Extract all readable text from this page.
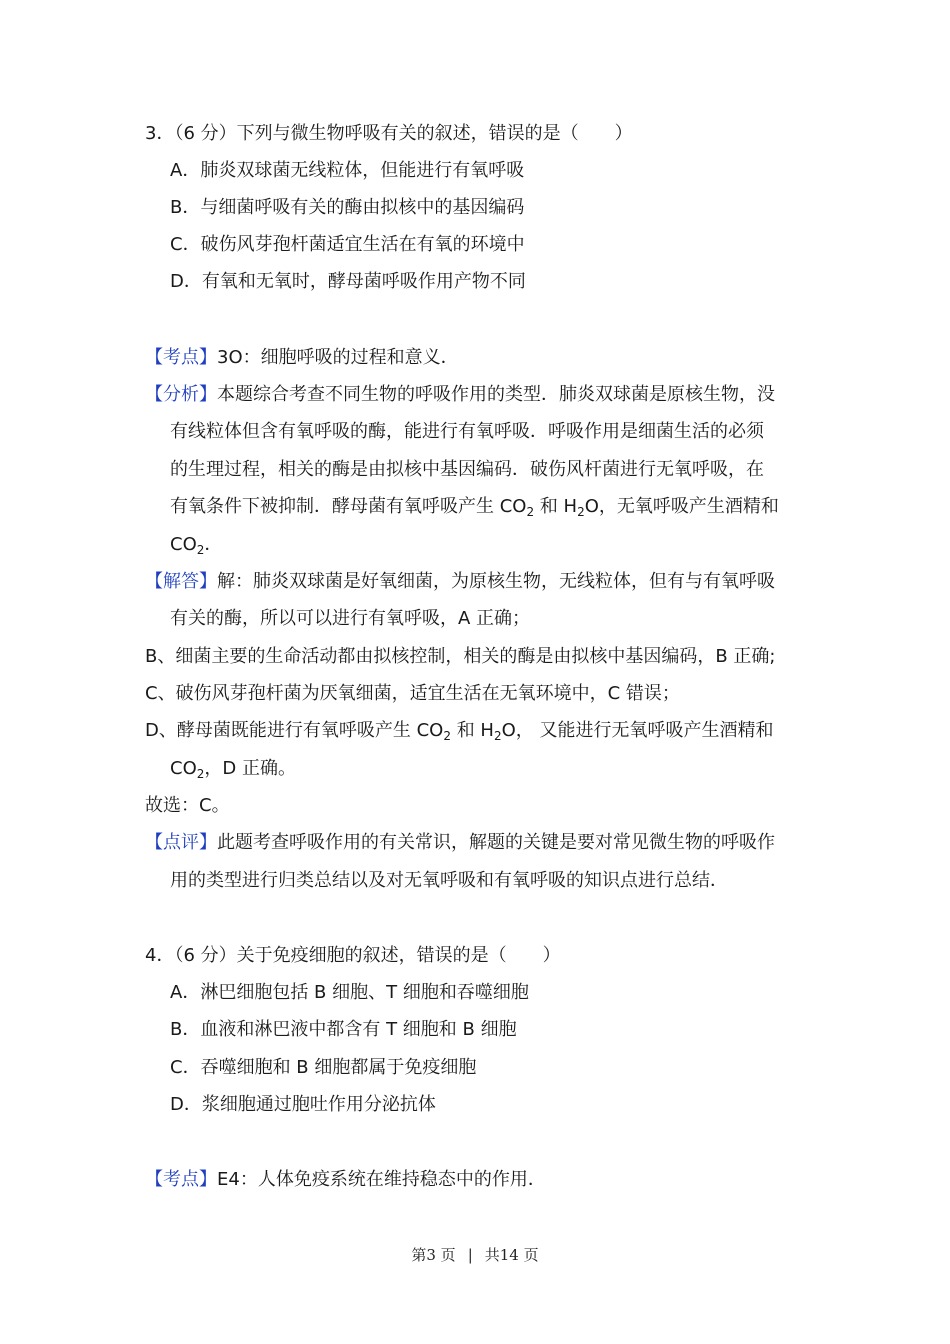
3．（6 分）下列与微生物呼吸有关的叙述，错误的是（　　）
A．肺炎双球菌无线粒体，但能进行有氧呼吸
B．与细菌呼吸有关的酶由拟核中的基因编码
C．破伤风芽孢杆菌适宜生活在有氧的环境中
D．有氧和无氧时，酵母菌呼吸作用产物不同
【考点】3O：细胞呼吸的过程和意义．
【分析】本题综合考查不同生物的呼吸作用的类型．肺炎双球菌是原核生物，没
有线粒体但含有氧呼吸的酶，能进行有氧呼吸．呼吸作用是细菌生活的必须
的生理过程，相关的酶是由拟核中基因编码．破伤风杆菌进行无氧呼吸，在
有氧条件下被抑制．酵母菌有氧呼吸产生 $CO_2$ 和 $H_2O$，无氧呼吸产生酒精和
$CO_2$．
【解答】解：肺炎双球菌是好氧细菌，为原核生物，无线粒体，但有与有氧呼吸
有关的酶，所以可以进行有氧呼吸，A 正确；
B、细菌主要的生命活动都由拟核控制，相关的酶是由拟核中基因编码，B 正确;
C、破伤风芽孢杆菌为厌氧细菌，适宜生活在无氧环境中，C 错误；
D、酵母菌既能进行有氧呼吸产生 $CO_2$ 和 $H_2O$， 又能进行无氧呼吸产生酒精和
$CO_2$，D 正确。
故选：C。
【点评】此题考查呼吸作用的有关常识，解题的关键是要对常见微生物的呼吸作
用的类型进行归类总结以及对无氧呼吸和有氧呼吸的知识点进行总结．
4．（6 分）关于免疫细胞的叙述，错误的是（　　）
A．淋巴细胞包括 B 细胞、T 细胞和吞噬细胞
B．血液和淋巴液中都含有 T 细胞和 B 细胞
C．吞噬细胞和 B 细胞都属于免疫细胞
D．浆细胞通过胞吐作用分泌抗体
【考点】E4：人体免疫系统在维持稳态中的作用．
第3 页 | 共14 页
